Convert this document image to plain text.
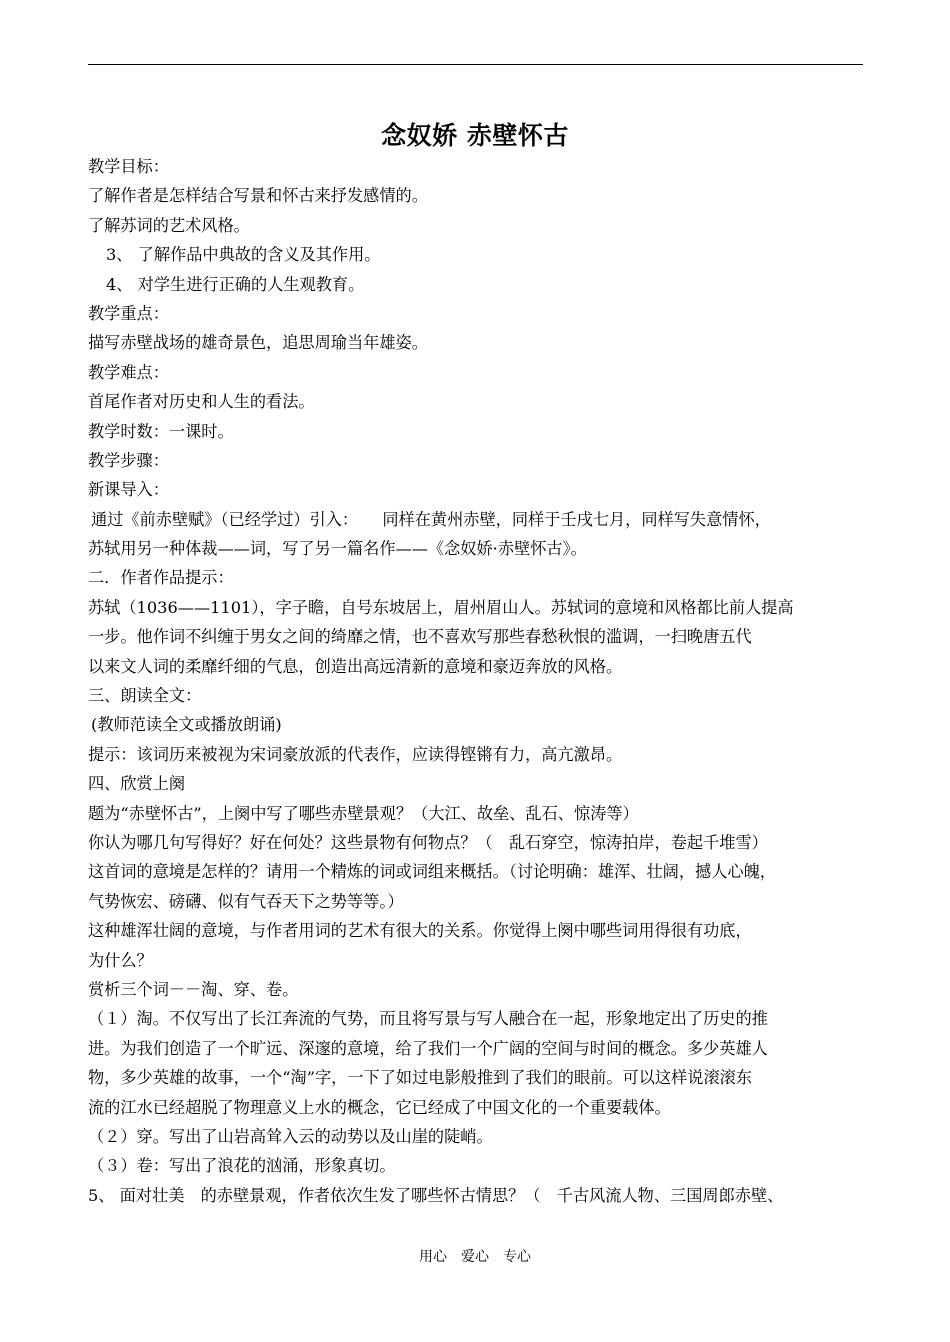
念奴娇 赤壁怀古
教学目标：
了解作者是怎样结合写景和怀古来抒发感情的。
了解苏词的艺术风格。
3、 了解作品中典故的含义及其作用。
4、 对学生进行正确的人生观教育。
教学重点：
描写赤壁战场的雄奇景色，追思周瑜当年雄姿。
教学难点：
首尾作者对历史和人生的看法。
教学时数：一课时。
教学步骤：
新课导入：
通过《前赤壁赋》（已经学过）引入：　　同样在黄州赤壁，同样于壬戌七月，同样写失意情怀，
苏轼用另一种体裁——词，写了另一篇名作——《念奴娇·赤壁怀古》。
二．作者作品提示：
苏轼（1036——1101），字子瞻，自号东坡居上，眉州眉山人。苏轼词的意境和风格都比前人提高
一步。他作词不纠缠于男女之间的绮靡之情，也不喜欢写那些春愁秋恨的滥调，一扫晚唐五代
以来文人词的柔靡纤细的气息，创造出高远清新的意境和豪迈奔放的风格。
三、朗读全文：
(教师范读全文或播放朗诵)
提示：该词历来被视为宋词豪放派的代表作，应读得铿锵有力，高亢激昂。
四、欣赏上阕
题为“赤壁怀古”，上阕中写了哪些赤壁景观？（大江、故垒、乱石、惊涛等）
你认为哪几句写得好？好在何处？这些景物有何物点？（　乱石穿空，惊涛拍岸，卷起千堆雪）
这首词的意境是怎样的？请用一个精炼的词或词组来概括。（讨论明确：雄浑、壮阔，撼人心魄，
气势恢宏、磅礴、似有气吞天下之势等等。）
这种雄浑壮阔的意境，与作者用词的艺术有很大的关系。你觉得上阕中哪些词用得很有功底，
为什么？
赏析三个词－－淘、穿、卷。
（１）淘。不仅写出了长江奔流的气势，而且将写景与写人融合在一起，形象地定出了历史的推
进。为我们创造了一个旷远、深邃的意境，给了我们一个广阔的空间与时间的概念。多少英雄人
物，多少英雄的故事，一个“淘”字，一下了如过电影般推到了我们的眼前。可以这样说滚滚东
流的江水已经超脱了物理意义上水的概念，它已经成了中国文化的一个重要载体。
（２）穿。写出了山岩高耸入云的动势以及山崖的陡峭。
（３）卷：写出了浪花的汹涌，形象真切。
5、 面对壮美　的赤壁景观，作者依次生发了哪些怀古情思？（　千古风流人物、三国周郎赤壁、
用心　爱心　专心
